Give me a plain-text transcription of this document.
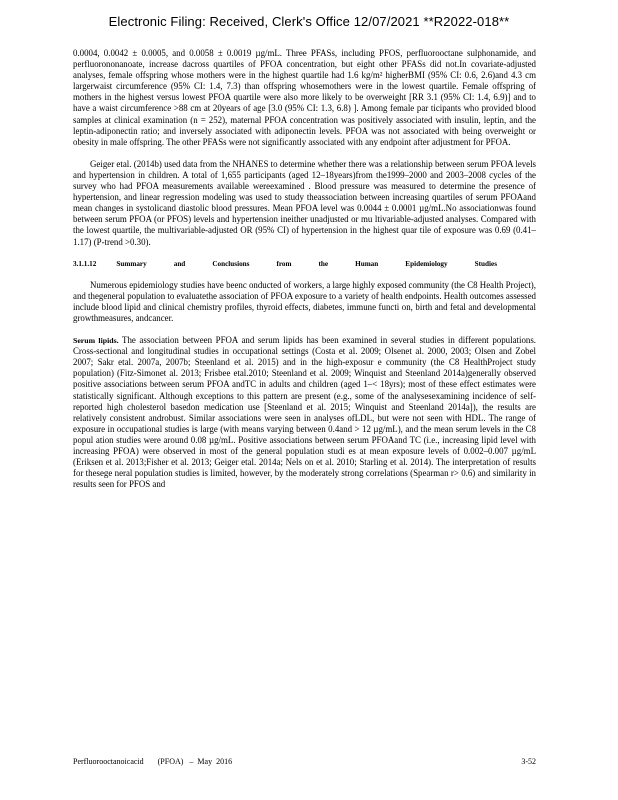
Electronic Filing: Received, Clerk's Office 12/07/2021 **R2022-018**

0.0004, 0.0042 ± 0.0005, and 0.0058 ± 0.0019 µg/mL. Three PFASs, including PFOS, perfluorooctane sulphonamide, and perfluorononanoate, increase dacross quartiles of PFOA concentration, but eight other PFASs did not.In covariate-adjusted analyses, female offspring whose mothers were in the highest quartile had 1.6 kg/m² higherBMI (95% CI: 0.6, 2.6)and 4.3 cm largerwaist circumference (95% CI: 1.4, 7.3) than offspring whosemothers were in the lowest quartile. Female offspring of mothers in the highest versus lowest PFOA quartile were also more likely to be overweight [RR 3.1 (95% CI: 1.4, 6.9)] and to have a waist circumference >88 cm at 20years of age [3.0 (95% CI: 1.3, 6.8) ]. Among female par ticipants who provided blood samples at clinical examination (n = 252), maternal PFOA concentration was positively associated with insulin, leptin, and the leptin-adiponectin ratio; and inversely associated with adiponectin levels. PFOA was not associated with being overweight or obesity in male offspring. The other PFASs were not significantly associated with any endpoint after adjustment for PFOA.

Geiger etal. (2014b) used data from the NHANES to determine whether there was a relationship between serum PFOA levels and hypertension in children. A total of 1,655 participants (aged 12–18years)from the1999–2000 and 2003–2008 cycles of the survey who had PFOA measurements available wereexamined . Blood pressure was measured to determine the presence of hypertension, and linear regression modeling was used to study theassociation between increasing quartiles of serum PFOAand mean changes in systolicand diastolic blood pressures. Mean PFOA level was 0.0044 ± 0.0001 µg/mL.No associationwas found between serum PFOA (or PFOS) levels and hypertension ineither unadjusted or mu ltivariable-adjusted analyses. Compared with the lowest quartile, the multivariable-adjusted OR (95% CI) of hypertension in the highest quar tile of exposure was 0.69 (0.41–1.17) (P-trend >0.30).

3.1.1.12	Summary	and	Conclusions	from	the	Human	Epidemiology	Studies

Numerous epidemiology studies have beenc onducted of workers, a large highly exposed community (the C8 Health Project), and thegeneral population to evaluatethe association of PFOA exposure to a variety of health endpoints. Health outcomes assessed include blood lipid and clinical chemistry profiles, thyroid effects, diabetes, immune functi on, birth and fetal and developmental growthmeasures, andcancer.

Serum lipids. The association between PFOA and serum lipids has been examined in several studies in different populations. Cross-sectional and longitudinal studies in occupational settings (Costa et al. 2009; Olsenet al. 2000, 2003; Olsen and Zobel 2007; Sakr etal. 2007a, 2007b; Steenland et al. 2015) and in the high-exposur e community (the C8 HealthProject study population) (Fitz-Simonet al. 2013; Frisbee etal.2010; Steenland et al. 2009; Winquist and Steenland 2014a)generally observed positive associations between serum PFOA andTC in adults and children (aged 1–< 18yrs); most of these effect estimates were statistically significant. Although exceptions to this pattern are present (e.g., some of the analysesexamining incidence of self-reported high cholesterol basedon medication use [Steenland et al. 2015; Winquist and Steenland 2014a]), the results are relatively consistent androbust. Similar associations were seen in analyses ofLDL, but were not seen with HDL. The range of exposure in occupational studies is large (with means varying between 0.4and > 12 µg/mL), and the mean serum levels in the C8 popul ation studies were around 0.08 µg/mL. Positive associations between serum PFOAand TC (i.e., increasing lipid level with increasing PFOA) were observed in most of the general population studi es at mean exposure levels of 0.002–0.007 µg/mL (Eriksen et al. 2013;Fisher et al. 2013; Geiger etal. 2014a; Nels on et al. 2010; Starling et al. 2014). The interpretation of results for thesege neral population studies is limited, however, by the moderately strong correlations (Spearman r> 0.6) and similarity in results seen for PFOS and

Perfluorooctanoicacid       (PFOA)   –  May  2016	3-52
